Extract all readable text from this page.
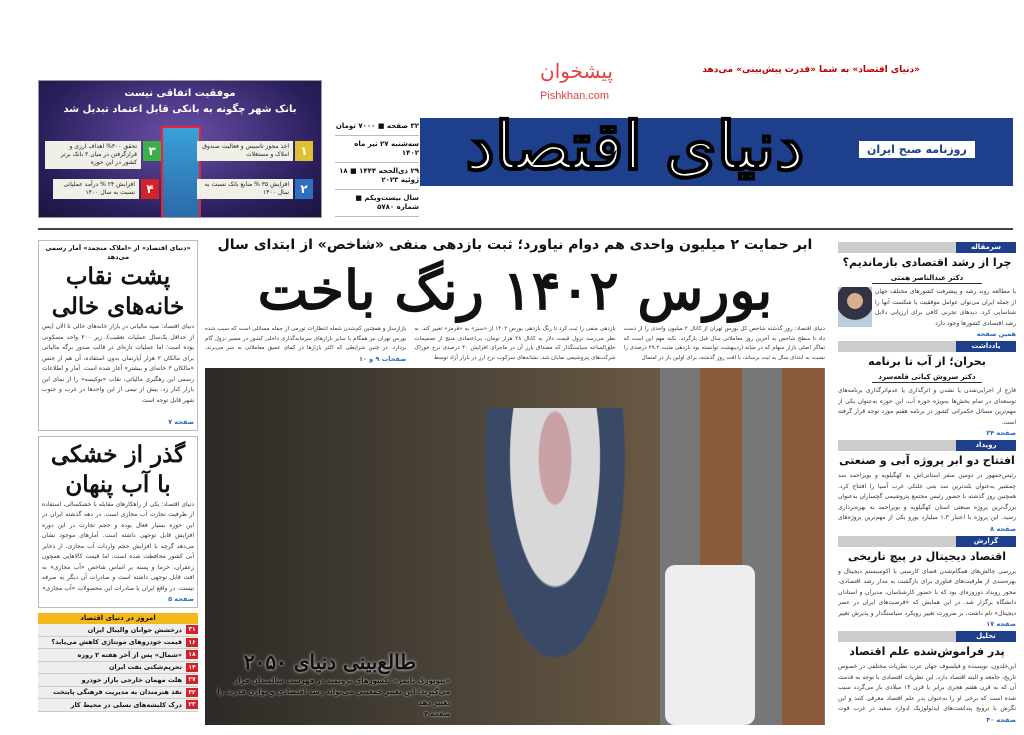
موفقیت اتفاقی نیست
بانک شهر چگونه به بانکی قابل اعتماد تبدیل شد
۱
اخذ مجوز تاسیس و فعالیت صندوق املاک و مستغلات
۲
افزایش ۳۵ % منابع بانک نسبت به سال ۱۴۰۰
۳
تحقق ۳۰۰% اهداف ارزی و قرارگرفتن در میان ۳ بانک برتر کشور در این حوزه
۴
افزایش ۲۴ % درآمد عملیاتی نسبت به سال ۱۴۰۰
۳۲ صفحه ■ ۷۰۰۰ تومان
سه‌شنبه ۲۷ تیر ماه ۱۴۰۲
۲۹ ذی‌الحجه ۱۴۴۴ ■ ۱۸ ژوئیه ۲۰۲۳
سال بیست‌ویکم ■ شماره ۵۷۸۰
دنیای اقتصاد	روزنامه صبح ایران
«دنیای اقتصاد» به شما «قدرت پیش‌بینی» می‌دهد
پیشخوان
Pishkhan.com
«دنیای اقتصاد» از «املاک منجمد» آمار رسمی می‌دهد
پشت نقاب خانه‌های خالی
دنیای اقتصاد: صید مالیاتی در بازار خانه‌های خالی تا الان (پس از حداقل یک‌سال عملیات تعقیب)، زیر ۳۰۰ واحد مسکونی بوده است؛ اما عملیات تازه‌ای در قالب صدور برگه مالیاتی برای مالکان ۲ هزار آپارتمان بدون استفاده، آن هم از جنس «مالکان ۳ خانه‌ای و بیشتر» آغاز شده است. آمار و اطلاعات رسمی این رهگیری مالیاتی، نقاب «نوکیسه» را از نمای این بازار کنار زد. بیش از نیمی از این واحدها در غرب و جنوب شهر قابل توجه است
صفحه ۷
گذر از خشکی با آب پنهان
دنیای اقتصاد: یکی از راهکارهای مقابله با خشکسالی، استفاده از ظرفیت تجارت آب مجازی است. در دهه گذشته ایران در این حوزه بسیار فعال بوده و حجم تجارت در این دوره افزایش قابل توجهی داشته است. آمارهای موجود نشان می‌دهد گرچه با افزایش حجم واردات آب مجازی، از ذخایر آبی کشور محافظت شده است، اما قیمت کالاهایی همچون زعفران، خرما و پسته بر اساس شاخص «آب مجازی» به افت قابل توجهی داشته است و صادرات آن دیگر به صرفه نیست. در واقع ایران با صادرات این محصولات «آب مجازی»
صفحه ۵
امروز در دنیای اقتصاد
۳۱
درخشش جوانان والیبال ایران
۱۶
قیمت خودروهای مونتاژی کاهش می‌یابد؟
۱۸
«شمال» پس از آخر هفته ۲ روزه
۱۴
تحریم‌شکنی نفت ایران
۲۷
هلت مهمان خارجی بازار خودرو
۳۲
نقد هنرمندان به مدیریت فرهنگی پایتخت
۲۳
درک کلیشه‌های نسلی در محیط کار
ابر حمایت ۲ میلیون واحدی هم دوام نیاورد؛ ثبت بازدهی منفی «شاخص» از ابتدای سال
بورس ۱۴۰۲ رنگ باخت
دنیای اقتصاد: روز گذشته شاخص کل بورس تهران از کانال ۲ میلیون واحدی را از دست داد تا سطح شاخص به آخرین روز معاملاتی سال قبل بازگردد. نکته مهم این است که تماگر اصلی بازار سهام که در میانه اردیبهشت توانسته بود بازدهی مثبت ۲۹.۲ درصدی را نسبت به ابتدای سال به ثبت برساند، با افت روز گذشته، برای اولین بار در امسال
بازدهی منفی را ثبت کرد تا رنگ بازدهی بورس ۱۴۰۲ از «سبز» به «قرمز» تغییر کند. به نظر می‌رسد نزول قیمت دلار به کانال ۴۸ هزار تومان، بی‌اعتمادی منتج از تصمیمات خلق‌الساعه سیاستگذار که مصداق بارز آن در ماجرای افزایش ۴۰ درصدی نرخ خوراک شرکت‌های پتروشیمی نمایان شد، نشانه‌های سرکوب نرخ ارز در بازار آزاد توسط
بازارساز و همچنین کم‌شدن شعله انتظارات تورمی از جمله مسائلی است که سبب شده بورس تهران نیز همگام با سایر بازارهای سرمایه‌گذاری داخلی کشور در مسیر نزول گام بردارد. در چنین شرایطی که اکثر بازارها در کمای عمیق معاملاتی به سر می‌برند،
صفحات ۹ و ۱۰
طالع‌بینی دنیای ۲۰۵۰
«نیویورک تایمز»: کشورهای ثروتمند در فهرست سالمندان قرار می‌گیرند؛ این تغییر جمعیتی می‌تواند رشد اقتصادی و توازن قدرت را تغییر دهد
صفحه ۴
سرمقاله
چرا از رشد اقتصادی بازماندیم؟
دکتر عبدالناصر همتی
با مطالعه روند رشد و پیشرفت کشورهای مختلف جهان از جمله ایران می‌توان عوامل موفقیت یا شکست آنها را شناسایی کرد. دیدهای تجربی کافی برای ارزیابی دلایل رشد اقتصادی کشورها وجود دارد
همین صفحه
یادداشت
بحران؛ از آب تا برنامه
دکتر سروش کیانی قلعه‌سرد
فارغ از اجرایی‌شدن یا نشدن و اثرگذاری یا عدم‌اثرگذاری برنامه‌های توسعه‌ای در تمام بخش‌ها به‌ویژه حوزه آب، این حوزه به‌عنوان یکی از مهم‌ترین مسائل حکمرانی کشور در برنامه هفتم مورد توجه قرار گرفته است.
صفحه ۲۴
رویداد
افتتاح دو ابر پروژه آبی و صنعتی
رئیس‌جمهور در دومین سفر استانی‌اش به کهگیلویه و بویراحمد سد چمشیر به‌عنوان بلندترین سد بتنی غلتکی غرب آسیا را افتتاح کرد. همچنین روز گذشته با حضور رئیس مجتمع پتروشیمی گچساران به‌عنوان بزرگ‌ترین پروژه صنعتی استان کهگیلویه و بویراحمد به بهره‌برداری رسید. این پروژه با اعتبار ۱.۳ میلیارد یورو یکی از مهم‌ترین پروژه‌های
صفحه ۸
گزارش
اقتصاد دیجیتال در پیچ تاریخی
بررسی چالش‌های همگام‌شدن فضای کارستی با اکوسیستم دیجیتال و بهره‌مندی از ظرفیت‌های فناوری برای بازگشت به مدار رشد اقتصادی، محور رویداد دوروزه‌ای بود که با حضور کارشناسان، مدیران و استادان دانشگاه برگزار شد. در این همایش که «فرصت‌های ایران در عصر دیجیتال» نام داشت، بر ضرورت تغییر رویکرد سیاستگذار و پذیرش تغییر
صفحه ۱۷
تحلیل
پدر فراموش‌شده علم اقتصاد
ابن‌خلدون، نویسنده و فیلسوف جهان عرب نظریات مختلفی در خصوص تاریخ، جامعه و البته اقتصاد دارد. این نظریات اقتصادی با توجه به قدمت آن که به قرن هفتم هجری برابر با قرن ۱۴ میلادی باز می‌گردد سبب شده است که برخی او را به‌عنوان پدر علم اقتصاد معرفی کنند و این نگرش با ترویج پنداشت‌های ایدئولوژیک ادوارد سعید در غرب قوت
صفحه ۳۰
